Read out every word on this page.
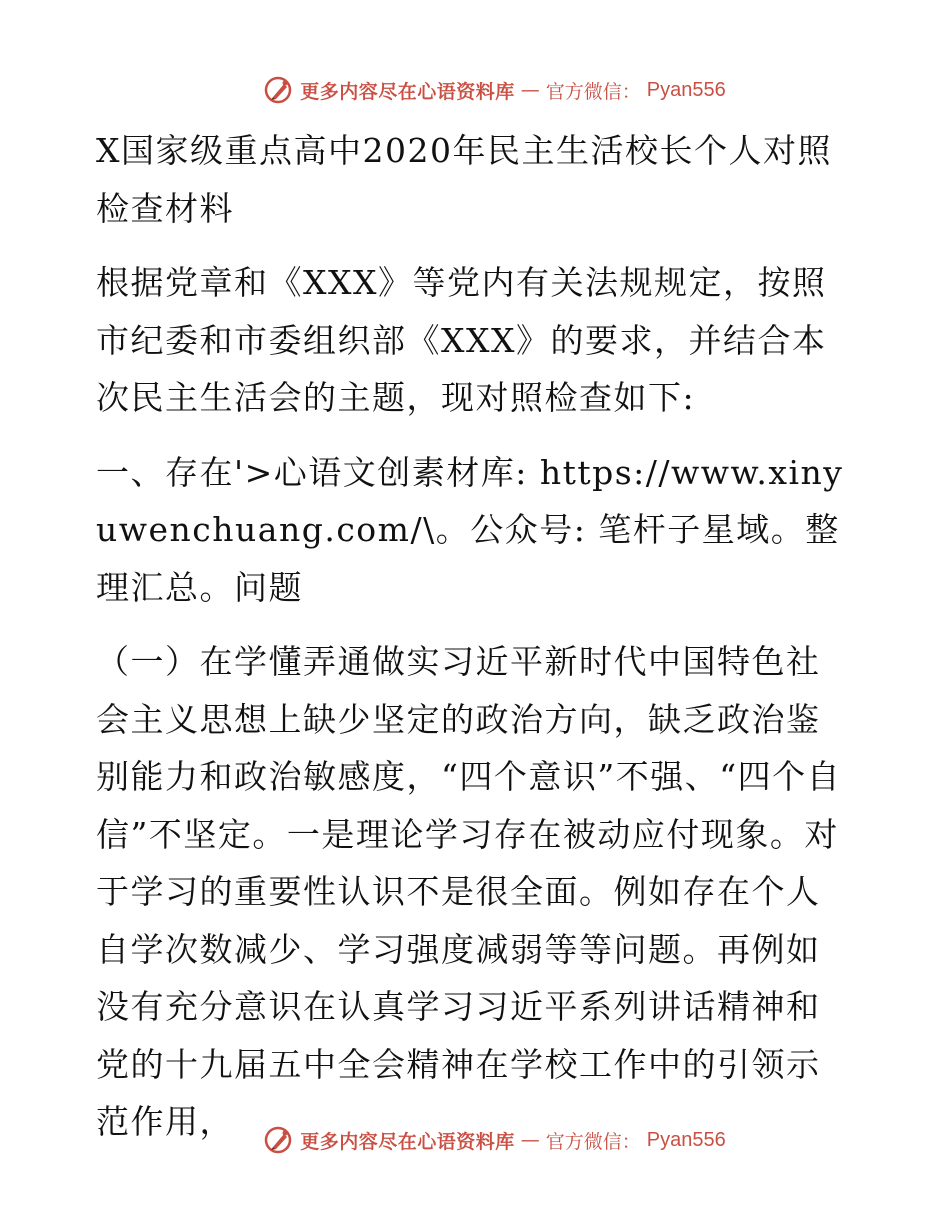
更多内容尽在心语资料库 — 官方微信： Pyan556

X国家级重点高中2020年民主生活校长个人对照检查材料

根据党章和《XXX》等党内有关法规规定，按照市纪委和市委组织部《XXX》的要求，并结合本次民主生活会的主题，现对照检查如下:

一、存在'>心语文创素材库: https://www.xinyuwenchuang.com/\。公众号: 笔杆子星域。整理汇总。问题

（一）在学懂弄通做实习近平新时代中国特色社会主义思想上缺少坚定的政治方向，缺乏政治鉴别能力和政治敏感度，“四个意识”不强、“四个自信”不坚定。一是理论学习存在被动应付现象。对于学习的重要性认识不是很全面。例如存在个人自学次数减少、学习强度减弱等等问题。再例如没有充分意识在认真学习习近平系列讲话精神和党的十九届五中全会精神在学校工作中的引领示范作用，

更多内容尽在心语资料库 — 官方微信： Pyan556
